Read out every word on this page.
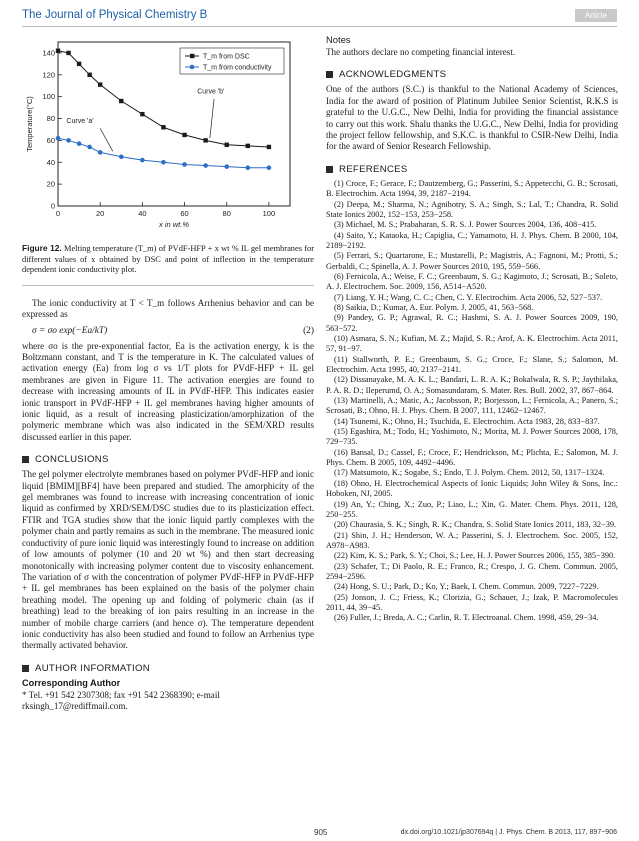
The Journal of Physical Chemistry B	Article
0	20	40	60	80	100
0
20
40
60
80
100
120
140
x in wt.%
Temperature(°C)
T_m from DSC
T_m from conductivity
Curve 'a'
Curve 'b'

Figure 12. Melting temperature (T_m) of PVdF-HFP + x wt % IL gel membranes for different values of x obtained by DSC and point of inflection in the temperature dependent ionic conductivity plot.

The ionic conductivity at T < T_m follows Arrhenius behavior and can be expressed as

σ = σo exp(−Ea/kT)	(2)

where σo is the pre-exponential factor, Ea is the activation energy, k is the Boltzmann constant, and T is the temperature in K. The calculated values of activation energy (Ea) from log σ vs 1/T plots for PVdF-HFP + IL gel membranes are given in Figure 11. The activation energies are found to decrease with increasing amounts of IL in PVdF-HFP. This indicates easier ionic transport in PVdF-HFP + IL gel membranes having higher amounts of ionic liquid, as a result of increasing plasticization/amorphization of the polymeric membrane which was also indicated in the SEM/XRD results discussed earlier in this paper.

CONCLUSIONS

The gel polymer electrolyte membranes based on polymer PVdF-HFP and ionic liquid [BMIM][BF4] have been prepared and studied. The amorphicity of the gel membranes was found to increase with increasing concentration of ionic liquid as confirmed by XRD/SEM/DSC studies due to its plasticization effect. FTIR and TGA studies show that the ionic liquid partly complexes with the polymer chain and partly remains as such in the membrane. The measured ionic conductivity of pure ionic liquid was interestingly found to increase on addition of low amounts of polymer (10 and 20 wt %) and then start decreasing monotonically with increasing polymer content due to viscosity enhancement. The variation of σ with the concentration of polymer PVdF-HFP in PVdF-HFP + IL gel membranes has been explained on the basis of the polymer chain breathing model. The opening up and folding of polymeric chain (as if breathing) lead to the breaking of ion pairs resulting in an increase in the number of mobile charge carriers (and hence σ). The temperature dependent ionic conductivity has also been studied and found to follow an Arrhenius type thermally activated behavior.

AUTHOR INFORMATION
Corresponding Author

* Tel. +91 542 2307308; fax +91 542 2368390; e-mail rksingh_17@rediffmail.com.

Notes

The authors declare no competing financial interest.

ACKNOWLEDGMENTS

One of the authors (S.C.) is thankful to the National Academy of Sciences, India for the award of position of Platinum Jubilee Senior Scientist, R.K.S is grateful to the U.G.C., New Delhi, India for providing the financial assistance to carry out this work. Shalu thanks the U.G.C., New Delhi, India for providing the project fellow fellowship, and S.K.C. is thankful to CSIR-New Delhi, India for the award of Senior Research Fellowship.

REFERENCES

(1) Croce, F.; Gerace, F.; Dautzemberg, G.; Passerini, S.; Appetecchi, G. B.; Scrosati, B. Electrochim. Acta 1994, 39, 2187−2194.

(2) Deepa, M.; Sharma, N.; Agnihotry, S. A.; Singh, S.; Lal, T.; Chandra, R. Solid State Ionics 2002, 152−153, 253−258.

(3) Michael, M. S.; Prabaharan, S. R. S. J. Power Sources 2004, 136, 408−415.

(4) Saito, Y.; Kataoka, H.; Capiglia, C.; Yamamoto, H. J. Phys. Chem. B 2000, 104, 2189−2192.

(5) Ferrari, S.; Quartarone, E.; Mustarelli, P.; Magistris, A.; Fagnoni, M.; Protti, S.; Gerbaldi, C.; Spinella, A. J. Power Sources 2010, 195, 559−566.

(6) Fernicola, A.; Weise, F. C.; Greenbaum, S. G.; Kagimoto, J.; Scrosati, B.; Soleto, A. J. Electrochem. Soc. 2009, 156, A514−A520.

(7) Liang, Y. H.; Wang, C. C.; Chen, C. Y. Electrochim. Acta 2006, 52, 527−537.

(8) Saikia, D.; Kumar, A. Eur. Polym. J. 2005, 41, 563−568.

(9) Pandey, G. P.; Agrawal, R. C.; Hashmi, S. A. J. Power Sources 2009, 190, 563−572.

(10) Asmara, S. N.; Kufian, M. Z.; Majid, S. R.; Arof, A. K. Electrochim. Acta 2011, 57, 91−97.

(11) Stallworth, P. E.; Greenbaum, S. G.; Croce, F.; Slane, S.; Salomon, M. Electrochim. Acta 1995, 40, 2137−2141.

(12) Dissanayake, M. A. K. L.; Bandari, L. R. A. K.; Bokalwala, R. S. P.; Jaythilaka, P. A. R. D.; Ileperumd, O. A.; Somasundaram, S. Mater. Res. Bull. 2002, 37, 867−864.

(13) Martinelli, A.; Matic, A.; Jacobsson, P.; Borjesson, L.; Fernicola, A.; Panero, S.; Scrosati, B.; Ohno, H. J. Phys. Chem. B 2007, 111, 12462−12467.

(14) Tsunemi, K.; Ohno, H.; Tsuchida, E. Electrochim. Acta 1983, 28, 833−837.

(15) Egashira, M.; Todo, H.; Yoshimoto, N.; Morita, M. J. Power Sources 2008, 178, 729−735.

(16) Bansal, D.; Cassel, F.; Croce, F.; Hendrickson, M.; Plichta, E.; Salomon, M. J. Phys. Chem. B 2005, 109, 4492−4496.

(17) Matsumoto, K.; Sogabe, S.; Endo, T. J. Polym. Chem. 2012, 50, 1317−1324.

(18) Ohno, H. Electrochemical Aspects of Ionic Liquids; John Wiley & Sons, Inc.: Hoboken, NJ, 2005.

(19) An, Y.; Ching, X.; Zuo, P.; Liao, L.; Xin, G. Mater. Chem. Phys. 2011, 128, 250−255.

(20) Chaurasia, S. K.; Singh, R. K.; Chandra, S. Solid State Ionics 2011, 183, 32−39.

(21) Shin, J. H.; Henderson, W. A.; Passerini, S. J. Electrochem. Soc. 2005, 152, A978−A983.

(22) Kim, K. S.; Park, S. Y.; Choi, S.; Lee, H. J. Power Sources 2006, 155, 385−390.

(23) Schafer, T.; Di Paolo, R. E.; Franco, R.; Crespo, J. G. Chem. Commun. 2005, 2594−2596.

(24) Hong, S. U.; Park, D.; Ko, Y.; Baek, I. Chem. Commun. 2009, 7227−7229.

(25) Jonson, J. C.; Friess, K.; Clorizia, G.; Schauer, J.; Izak, P. Macromolecules 2011, 44, 39−45.

(26) Fuller, J.; Breda, A. C.; Carlin, R. T. Electroanal. Chem. 1998, 459, 29−34.

905	dx.doi.org/10.1021/jp307694q | J. Phys. Chem. B 2013, 117, 897−906
